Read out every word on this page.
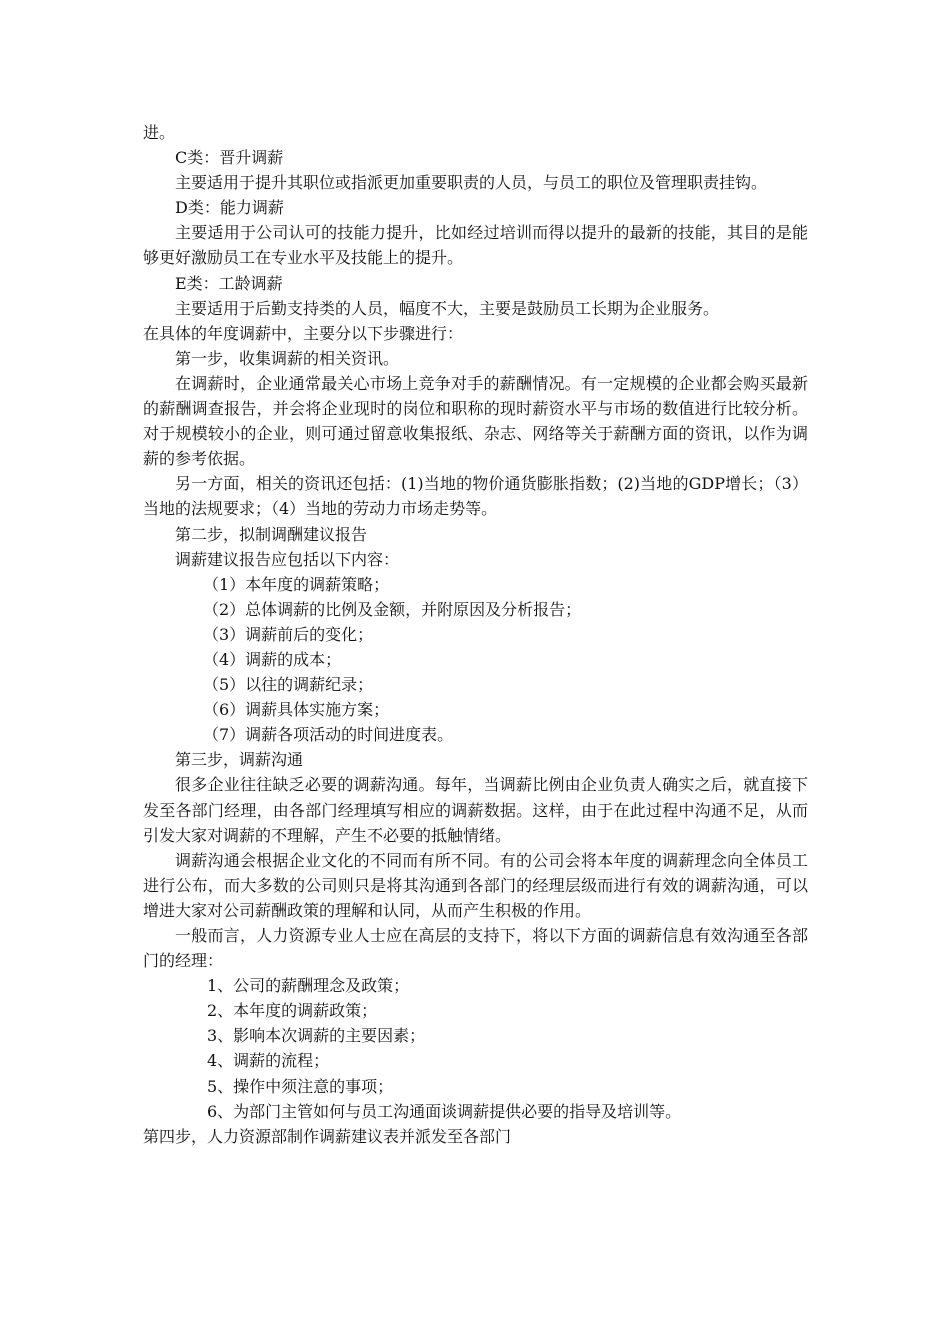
进。

C类：晋升调薪

主要适用于提升其职位或指派更加重要职责的人员，与员工的职位及管理职责挂钩。

D类：能力调薪

主要适用于公司认可的技能力提升，比如经过培训而得以提升的最新的技能，其目的是能够更好激励员工在专业水平及技能上的提升。

E类：工龄调薪

主要适用于后勤支持类的人员，幅度不大，主要是鼓励员工长期为企业服务。

在具体的年度调薪中，主要分以下步骤进行：

第一步，收集调薪的相关资讯。

在调薪时，企业通常最关心市场上竞争对手的薪酬情况。有一定规模的企业都会购买最新的薪酬调查报告，并会将企业现时的岗位和职称的现时薪资水平与市场的数值进行比较分析。对于规模较小的企业，则可通过留意收集报纸、杂志、网络等关于薪酬方面的资讯，以作为调薪的参考依据。

另一方面，相关的资讯还包括：(1)当地的物价通货膨胀指数；(2)当地的GDP增长；（3）当地的法规要求；（4）当地的劳动力市场走势等。

第二步，拟制调酬建议报告

调薪建议报告应包括以下内容：

（1）本年度的调薪策略；

（2）总体调薪的比例及金额，并附原因及分析报告；

（3）调薪前后的变化；

（4）调薪的成本；

（5）以往的调薪纪录；

（6）调薪具体实施方案；

（7）调薪各项活动的时间进度表。

第三步，调薪沟通

很多企业往往缺乏必要的调薪沟通。每年，当调薪比例由企业负责人确实之后，就直接下发至各部门经理，由各部门经理填写相应的调薪数据。这样，由于在此过程中沟通不足，从而引发大家对调薪的不理解，产生不必要的抵触情绪。

调薪沟通会根据企业文化的不同而有所不同。有的公司会将本年度的调薪理念向全体员工进行公布，而大多数的公司则只是将其沟通到各部门的经理层级而进行有效的调薪沟通，可以增进大家对公司薪酬政策的理解和认同，从而产生积极的作用。

一般而言，人力资源专业人士应在高层的支持下，将以下方面的调薪信息有效沟通至各部门的经理：

1、公司的薪酬理念及政策；

2、本年度的调薪政策；

3、影响本次调薪的主要因素；

4、调薪的流程；

5、操作中须注意的事项；

6、为部门主管如何与员工沟通面谈调薪提供必要的指导及培训等。

第四步，人力资源部制作调薪建议表并派发至各部门
